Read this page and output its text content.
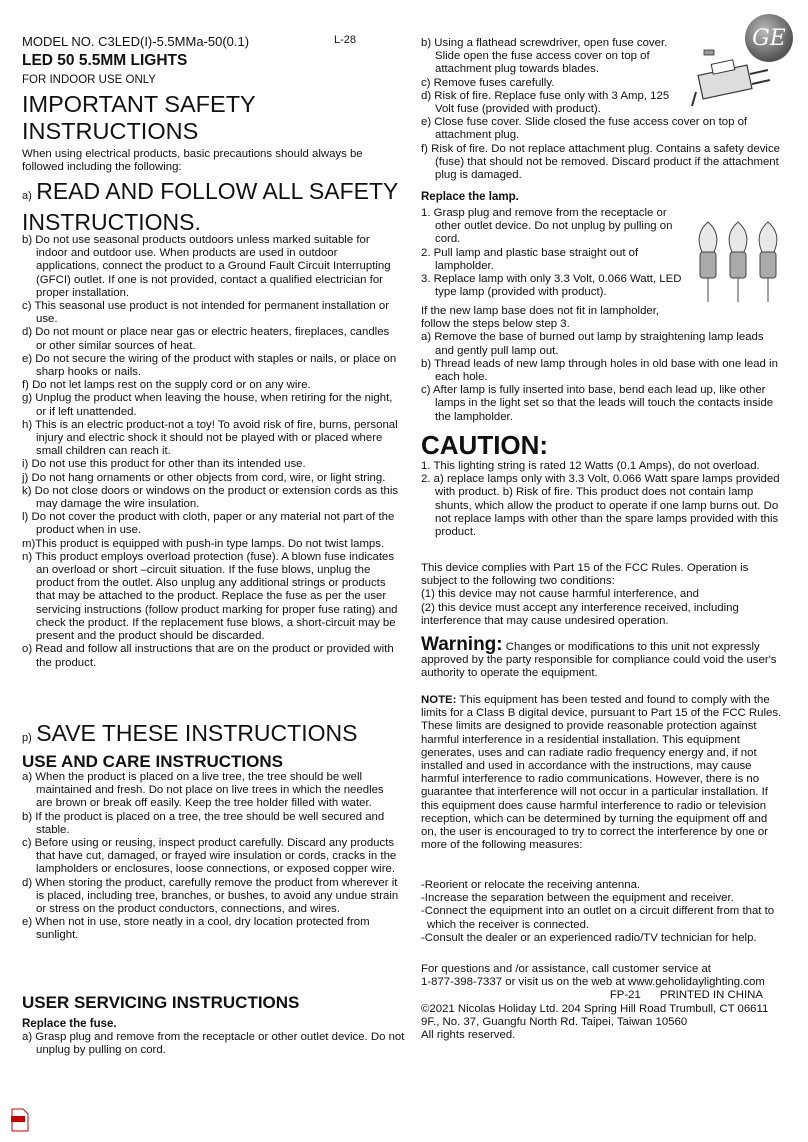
MODEL NO. C3LED(I)-5.5MMa-50(0.1)	L-28	GE
LED 50 5.5MM LIGHTS
FOR INDOOR USE ONLY
IMPORTANT SAFETY INSTRUCTIONS
When using electrical products, basic precautions should always be followed including the following:
a) READ AND FOLLOW ALL SAFETY INSTRUCTIONS.

b) Do not use seasonal products outdoors unless marked suitable for indoor and outdoor use. When products are used in outdoor applications, connect the product to a Ground Fault Circuit Interrupting (GFCI) outlet. If one is not provided, contact a qualified electrician for proper installation.

c) This seasonal use product is not intended for permanent installation or use.

d) Do not mount or place near gas or electric heaters, fireplaces, candles or other similar sources of heat.

e) Do not secure the wiring of the product with staples or nails, or place on sharp hooks or nails.

f) Do not let lamps rest on the supply cord or on any wire.

g) Unplug the product when leaving the house, when retiring for the night, or if left unattended.

h) This is an electric product-not a toy! To avoid risk of fire, burns, personal injury and electric shock it should not be played with or placed where small children can reach it.

i) Do not use this product for other than its intended use.

j) Do not hang ornaments or other objects from cord, wire, or light string.

k) Do not close doors or windows on the product or extension cords as this may damage the wire insulation.

l) Do not cover the product with cloth, paper or any material not part of the product when in use.

m)This product is equipped with push-in type lamps. Do not twist lamps.

n) This product employs overload protection (fuse). A blown fuse indicates an overload or short –circuit situation. If the fuse blows, unplug the product from the outlet. Also unplug any additional strings or products that may be attached to the product. Replace the fuse as per the user servicing instructions (follow product marking for proper fuse rating) and check the product. If the replacement fuse blows, a short-circuit may be present and the product should be discarded.

o) Read and follow all instructions that are on the product or provided with the product.

p) SAVE THESE INSTRUCTIONS
USE AND CARE INSTRUCTIONS

a) When the product is placed on a live tree, the tree should be well maintained and fresh. Do not place on live trees in which the needles are brown or break off easily. Keep the tree holder filled with water.

b) If the product is placed on a tree, the tree should be well secured and stable.

c) Before using or reusing, inspect product carefully. Discard any products that have cut, damaged, or frayed wire insulation or cords, cracks in the lampholders or enclosures, loose connections, or exposed copper wire.

d) When storing the product, carefully remove the product from wherever it is placed, including tree, branches, or bushes, to avoid any undue strain or stress on the product conductors, connections, and wires.

e) When not in use, store neatly in a cool, dry location protected from sunlight.

USER SERVICING INSTRUCTIONS
Replace the fuse.

a) Grasp plug and remove from the receptacle or other outlet device. Do not unplug by pulling on cord.

b) Using a flathead screwdriver, open fuse cover. Slide open the fuse access cover on top of attachment plug towards blades.

c) Remove fuses carefully.

d) Risk of fire. Replace fuse only with 3 Amp, 125 Volt fuse (provided with product).

e) Close fuse cover. Slide closed the fuse access cover on top of attachment plug.

f) Risk of fire. Do not replace attachment plug. Contains a safety device (fuse) that should not be removed. Discard product if the attachment plug is damaged.

Replace the lamp.

1. Grasp plug and remove from the receptacle or other outlet device. Do not unplug by pulling on cord.

2. Pull lamp and plastic base straight out of lampholder.

3. Replace lamp with only 3.3 Volt, 0.066 Watt, LED type lamp (provided with product).

If the new lamp base does not fit in lampholder, follow the steps below step 3.

a) Remove the base of burned out lamp by straightening lamp leads and gently pull lamp out.

b) Thread leads of new lamp through holes in old base with one lead in each hole.

c) After lamp is fully inserted into base, bend each lead up, like other lamps in the light set so that the leads will touch the contacts inside the lampholder.

CAUTION:

1. This lighting string is rated 12 Watts (0.1 Amps), do not overload.

2. a) replace lamps only with 3.3 Volt, 0.066 Watt spare lamps provided with product. b) Risk of fire. This product does not contain lamp shunts, which allow the product to operate if one lamp burns out. Do not replace lamps with other than the spare lamps provided with this product.

This device complies with Part 15 of the FCC Rules. Operation is subject to the following two conditions:

(1) this device may not cause harmful interference, and

(2) this device must accept any interference received, including interference that may cause undesired operation.

Warning: Changes or modifications to this unit not expressly approved by the party responsible for compliance could void the user's authority to operate the equipment.

NOTE: This equipment has been tested and found to comply with the limits for a Class B digital device, pursuant to Part 15 of the FCC Rules. These limits are designed to provide reasonable protection against harmful interference in a residential installation. This equipment generates, uses and can radiate radio frequency energy and, if not installed and used in accordance with the instructions, may cause harmful interference to radio communications. However, there is no guarantee that interference will not occur in a particular installation. If this equipment does cause harmful interference to radio or television reception, which can be determined by turning the equipment off and on, the user is encouraged to try to correct the interference by one or more of the following measures:

-Reorient or relocate the receiving antenna.

-Increase the separation between the equipment and receiver.

-Connect the equipment into an outlet on a circuit different from that to which the receiver is connected.

-Consult the dealer or an experienced radio/TV technician for help.

For questions and /or assistance, call customer service at

1-877-398-7337 or visit us on the web at www.geholidaylighting.com

FP-21 PRINTED IN CHINA

©2021 Nicolas Holiday Ltd. 204 Spring Hill Road Trumbull, CT 06611

9F., No. 37, Guangfu North Rd. Taipei, Taiwan 10560

All rights reserved.
